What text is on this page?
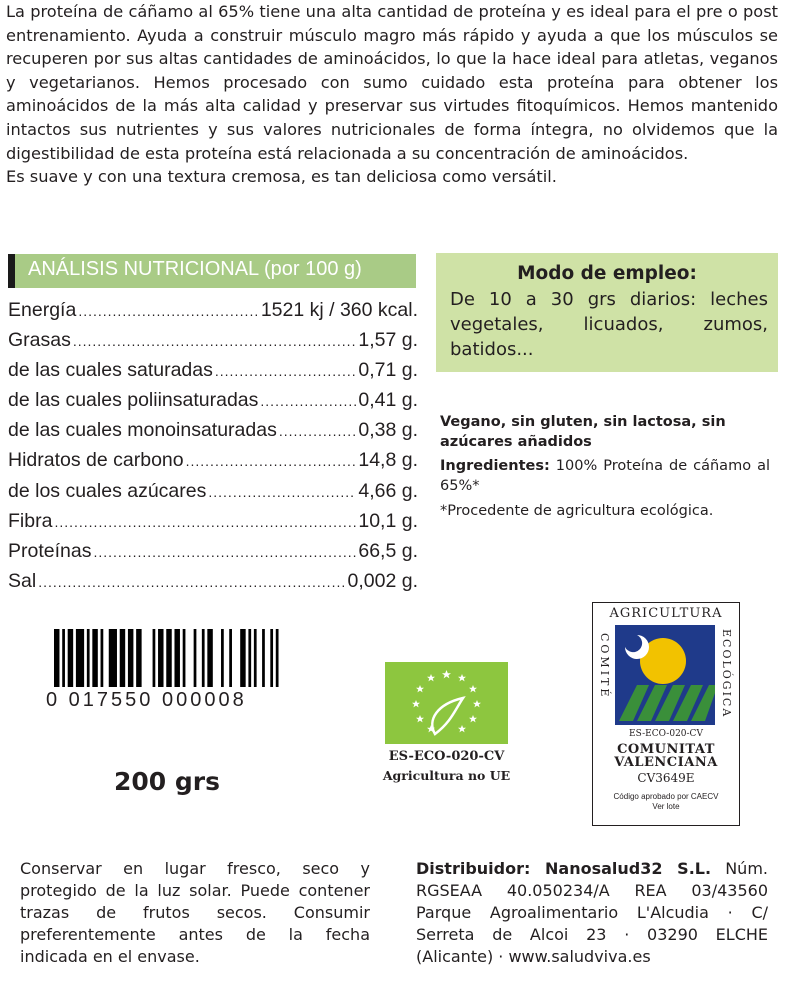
La proteína de cáñamo al 65% tiene una alta cantidad de proteína y es ideal para el pre o post entrenamiento. Ayuda a construir músculo magro más rápido y ayuda a que los músculos se recuperen por sus altas cantidades de aminoácidos, lo que la hace ideal para atletas, veganos y vegetarianos. Hemos procesado con sumo cuidado esta proteína para obtener los aminoácidos de la más alta calidad y preservar sus virtudes fitoquímicos. Hemos mantenido intactos sus nutrientes y sus valores nutricionales de forma íntegra, no olvidemos que la digestibilidad de esta proteína está relacionada a su concentración de aminoácidos.

Es suave y con una textura cremosa, es tan deliciosa como versátil.

ANÁLISIS NUTRICIONAL (por 100 g)
Energía .....	1521 kj / 360 kcal.
Grasas .....	1,57 g.
de las cuales saturadas .....	0,71 g.
de las cuales poliinsaturadas .....	0,41 g.
de las cuales monoinsaturadas .....	0,38 g.
Hidratos de carbono .....	14,8 g.
de los cuales azúcares .....	4,66 g.
Fibra .....	10,1 g.
Proteínas .....	66,5 g.
Sal .....	0,002 g.
Modo de empleo:
De 10 a 30 grs diarios: leches vegetales, licuados, zumos, batidos...

Vegano, sin gluten, sin lactosa, sin azúcares añadidos

Ingredientes: 100% Proteína de cáñamo al 65%*

*Procedente de agricultura ecológica.

0 017550 000008
200 grs
ES-ECO-020-CV
Agricultura no UE
COMITÉ	ECOLÓGICA
AGRICULTURA
ES-ECO-020-CV
COMUNITAT
VALENCIANA
CV3649E
Código aprobado por CAECV
Ver lote
Conservar en lugar fresco, seco y protegido de la luz solar. Puede contener trazas de frutos secos. Consumir preferentemente antes de la fecha indicada en el envase.
Distribuidor: Nanosalud32 S.L. Núm. RGSEAA 40.050234/A REA 03/43560 Parque Agroalimentario L'Alcudia · C/ Serreta de Alcoi 23 · 03290 ELCHE (Alicante) · www.saludviva.es
